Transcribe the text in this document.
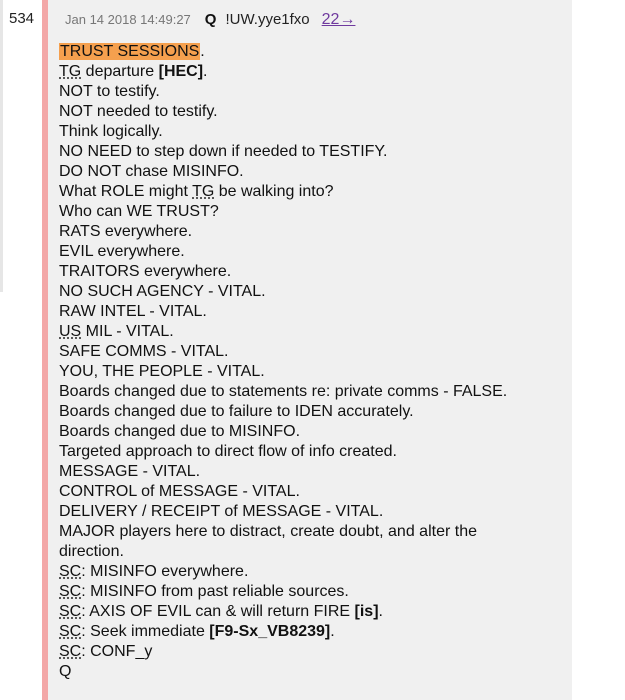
534 Jan 14 2018 14:49:27 Q !UW.yye1fxo 22→
TRUST SESSIONS.
TG departure [HEC].
NOT to testify.
NOT needed to testify.
Think logically.
NO NEED to step down if needed to TESTIFY.
DO NOT chase MISINFO.
What ROLE might TG be walking into?
Who can WE TRUST?
RATS everywhere.
EVIL everywhere.
TRAITORS everywhere.
NO SUCH AGENCY - VITAL.
RAW INTEL - VITAL.
US MIL - VITAL.
SAFE COMMS - VITAL.
YOU, THE PEOPLE - VITAL.
Boards changed due to statements re: private comms - FALSE.
Boards changed due to failure to IDEN accurately.
Boards changed due to MISINFO.
Targeted approach to direct flow of info created.
MESSAGE - VITAL.
CONTROL of MESSAGE - VITAL.
DELIVERY / RECEIPT of MESSAGE - VITAL.
MAJOR players here to distract, create doubt, and alter the
direction.
SC: MISINFO everywhere.
SC: MISINFO from past reliable sources.
SC: AXIS OF EVIL can & will return FIRE [is].
SC: Seek immediate [F9-Sx_VB8239].
SC: CONF_y
Q
